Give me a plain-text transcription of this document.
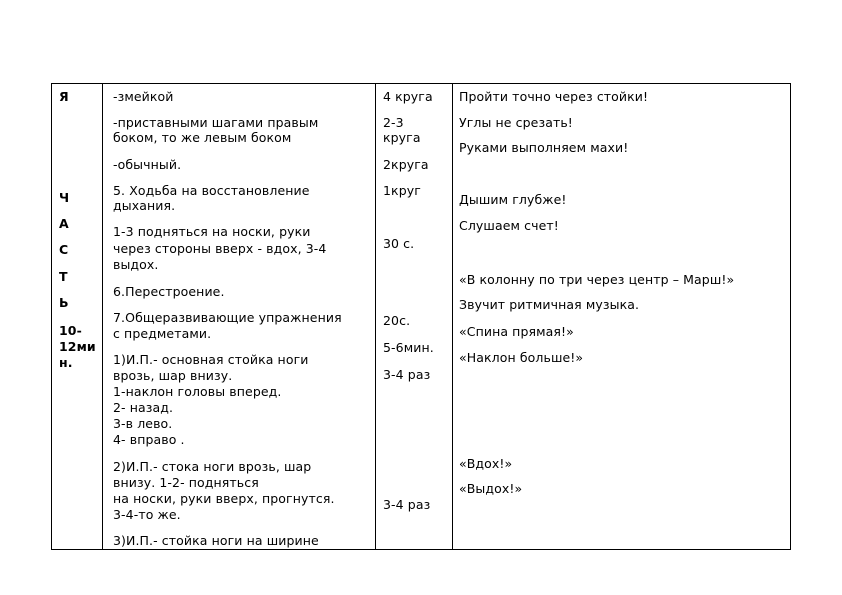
Я
Ч
А
С
Т
Ь
10-
12ми
н.
-змейкой
-приставными шагами правым
боком, то же левым боком
-обычный.
5. Ходьба на восстановление
дыхания.
1-3 подняться на носки, руки
через стороны вверх - вдох, 3-4
выдох.
6.Перестроение.
7.Общеразвивающие упражнения
с предметами.
1)И.П.- основная стойка ноги
врозь, шар внизу.
1-наклон головы вперед.
2- назад.
3-в лево.
4- вправо .
2)И.П.- стока ноги врозь, шар
внизу. 1-2- подняться
на носки, руки вверх, прогнутся.
3-4-то же.
3)И.П.- стойка ноги на ширине
4 круга
2-3
круга
2круга
1круг
30 с.
20с.
5-6мин.
3-4 раз
3-4 раз
Пройти точно через стойки!
Углы не срезать!
Руками выполняем махи!
Дышим глубже!
Слушаем счет!
«В колонну по три через центр – Марш!»
Звучит ритмичная музыка.
«Спина прямая!»
«Наклон больше!»
«Вдох!»
«Выдох!»
